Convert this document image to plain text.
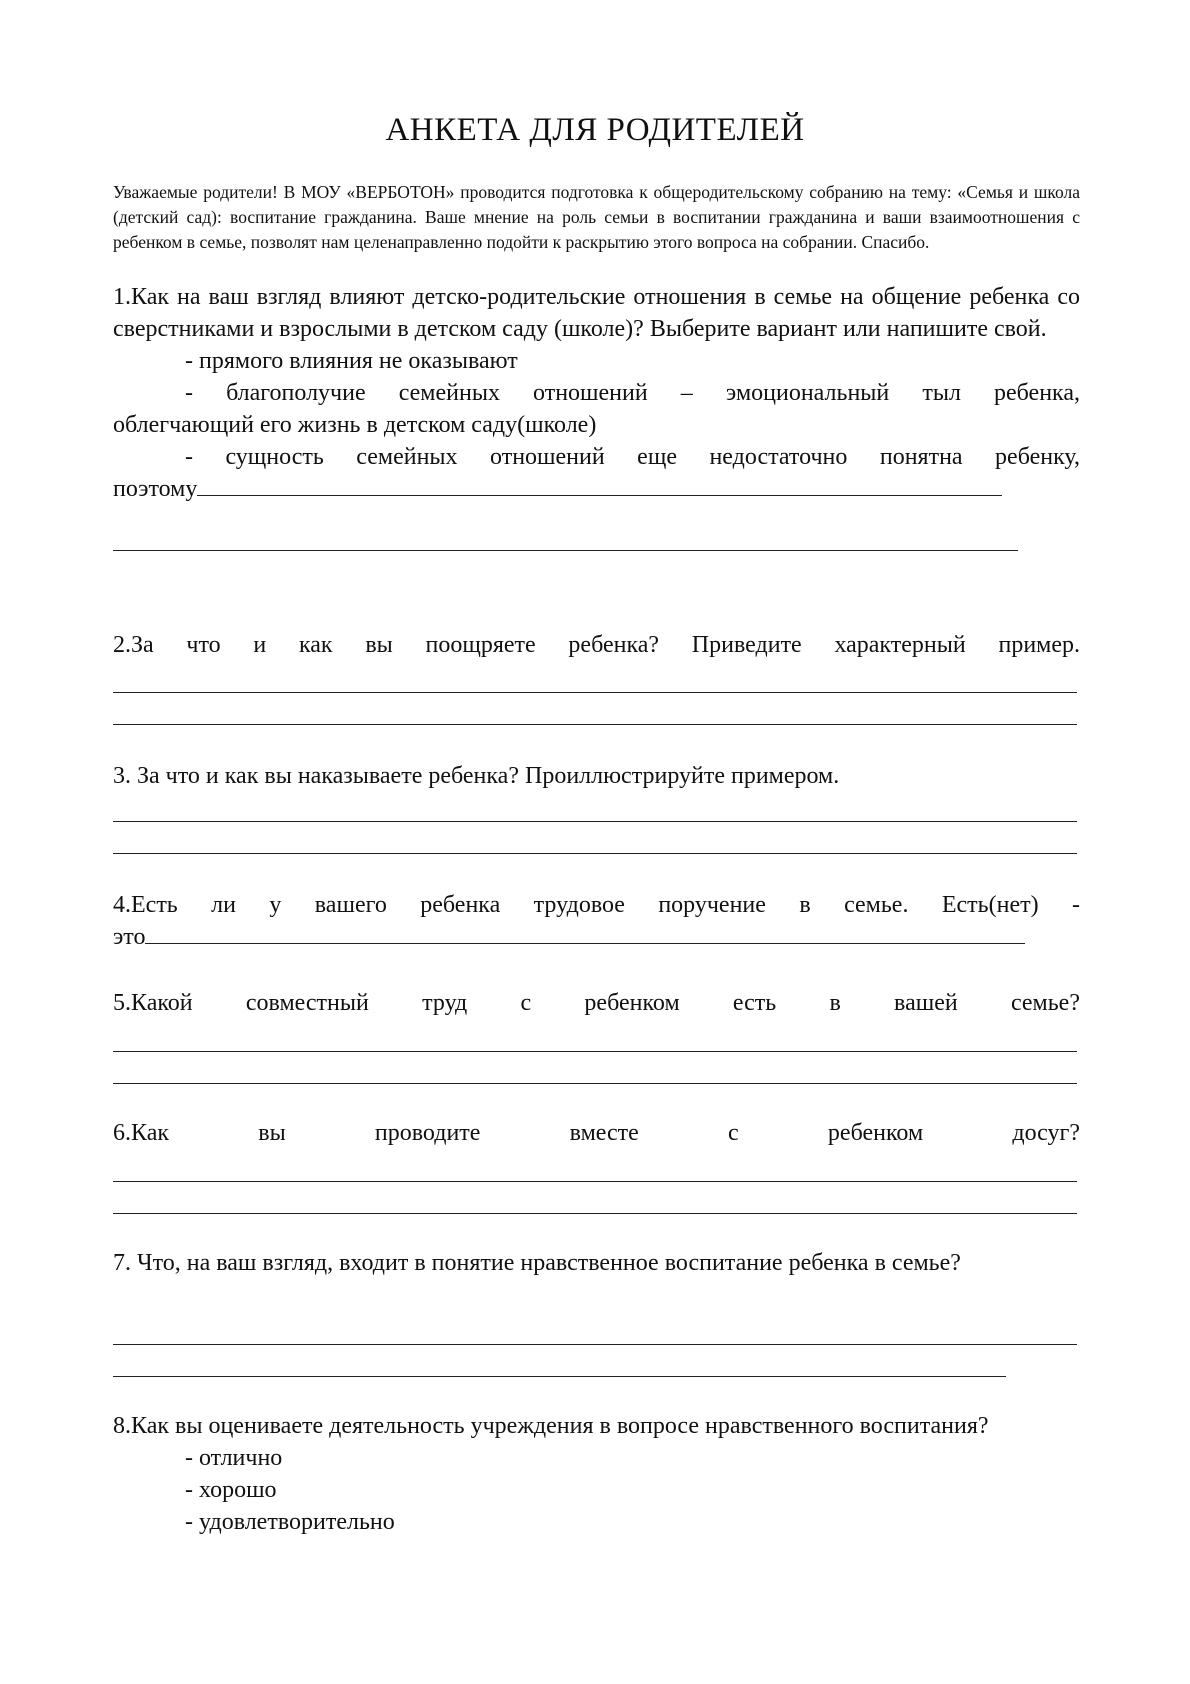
АНКЕТА ДЛЯ РОДИТЕЛЕЙ

Уважаемые родители! В МОУ «ВЕРБОТОН» проводится подготовка к общеродительскому собранию на тему: «Семья и школа (детский сад): воспитание гражданина. Ваше мнение на роль семьи в воспитании гражданина и ваши взаимоотношения с ребенком в семье, позволят нам целенаправленно подойти к раскрытию этого вопроса на собрании. Спасибо.

1.Как на ваш взгляд влияют детско-родительские отношения в семье на общение ребенка со сверстниками и взрослыми в детском саду (школе)? Выберите вариант или напишите свой.
- прямого влияния не оказывают
- благополучие семейных отношений – эмоциональный тыл ребенка,
облегчающий его жизнь в детском саду(школе)
- сущность семейных отношений еще недостаточно понятна ребенку,
поэтому
2.За что и как вы поощряете ребенка? Приведите характерный пример.
3. За что и как вы наказываете ребенка? Проиллюстрируйте примером.
4.Есть ли у вашего ребенка трудовое поручение в семье. Есть(нет) -
это
5.Какой совместный труд с ребенком есть в вашей семье?
6.Как вы проводите вместе с ребенком досуг?
7. Что, на ваш взгляд, входит в понятие нравственное воспитание ребенка в семье?
8.Как вы оцениваете деятельность учреждения в вопросе нравственного воспитания?
- отлично
- хорошо
- удовлетворительно
